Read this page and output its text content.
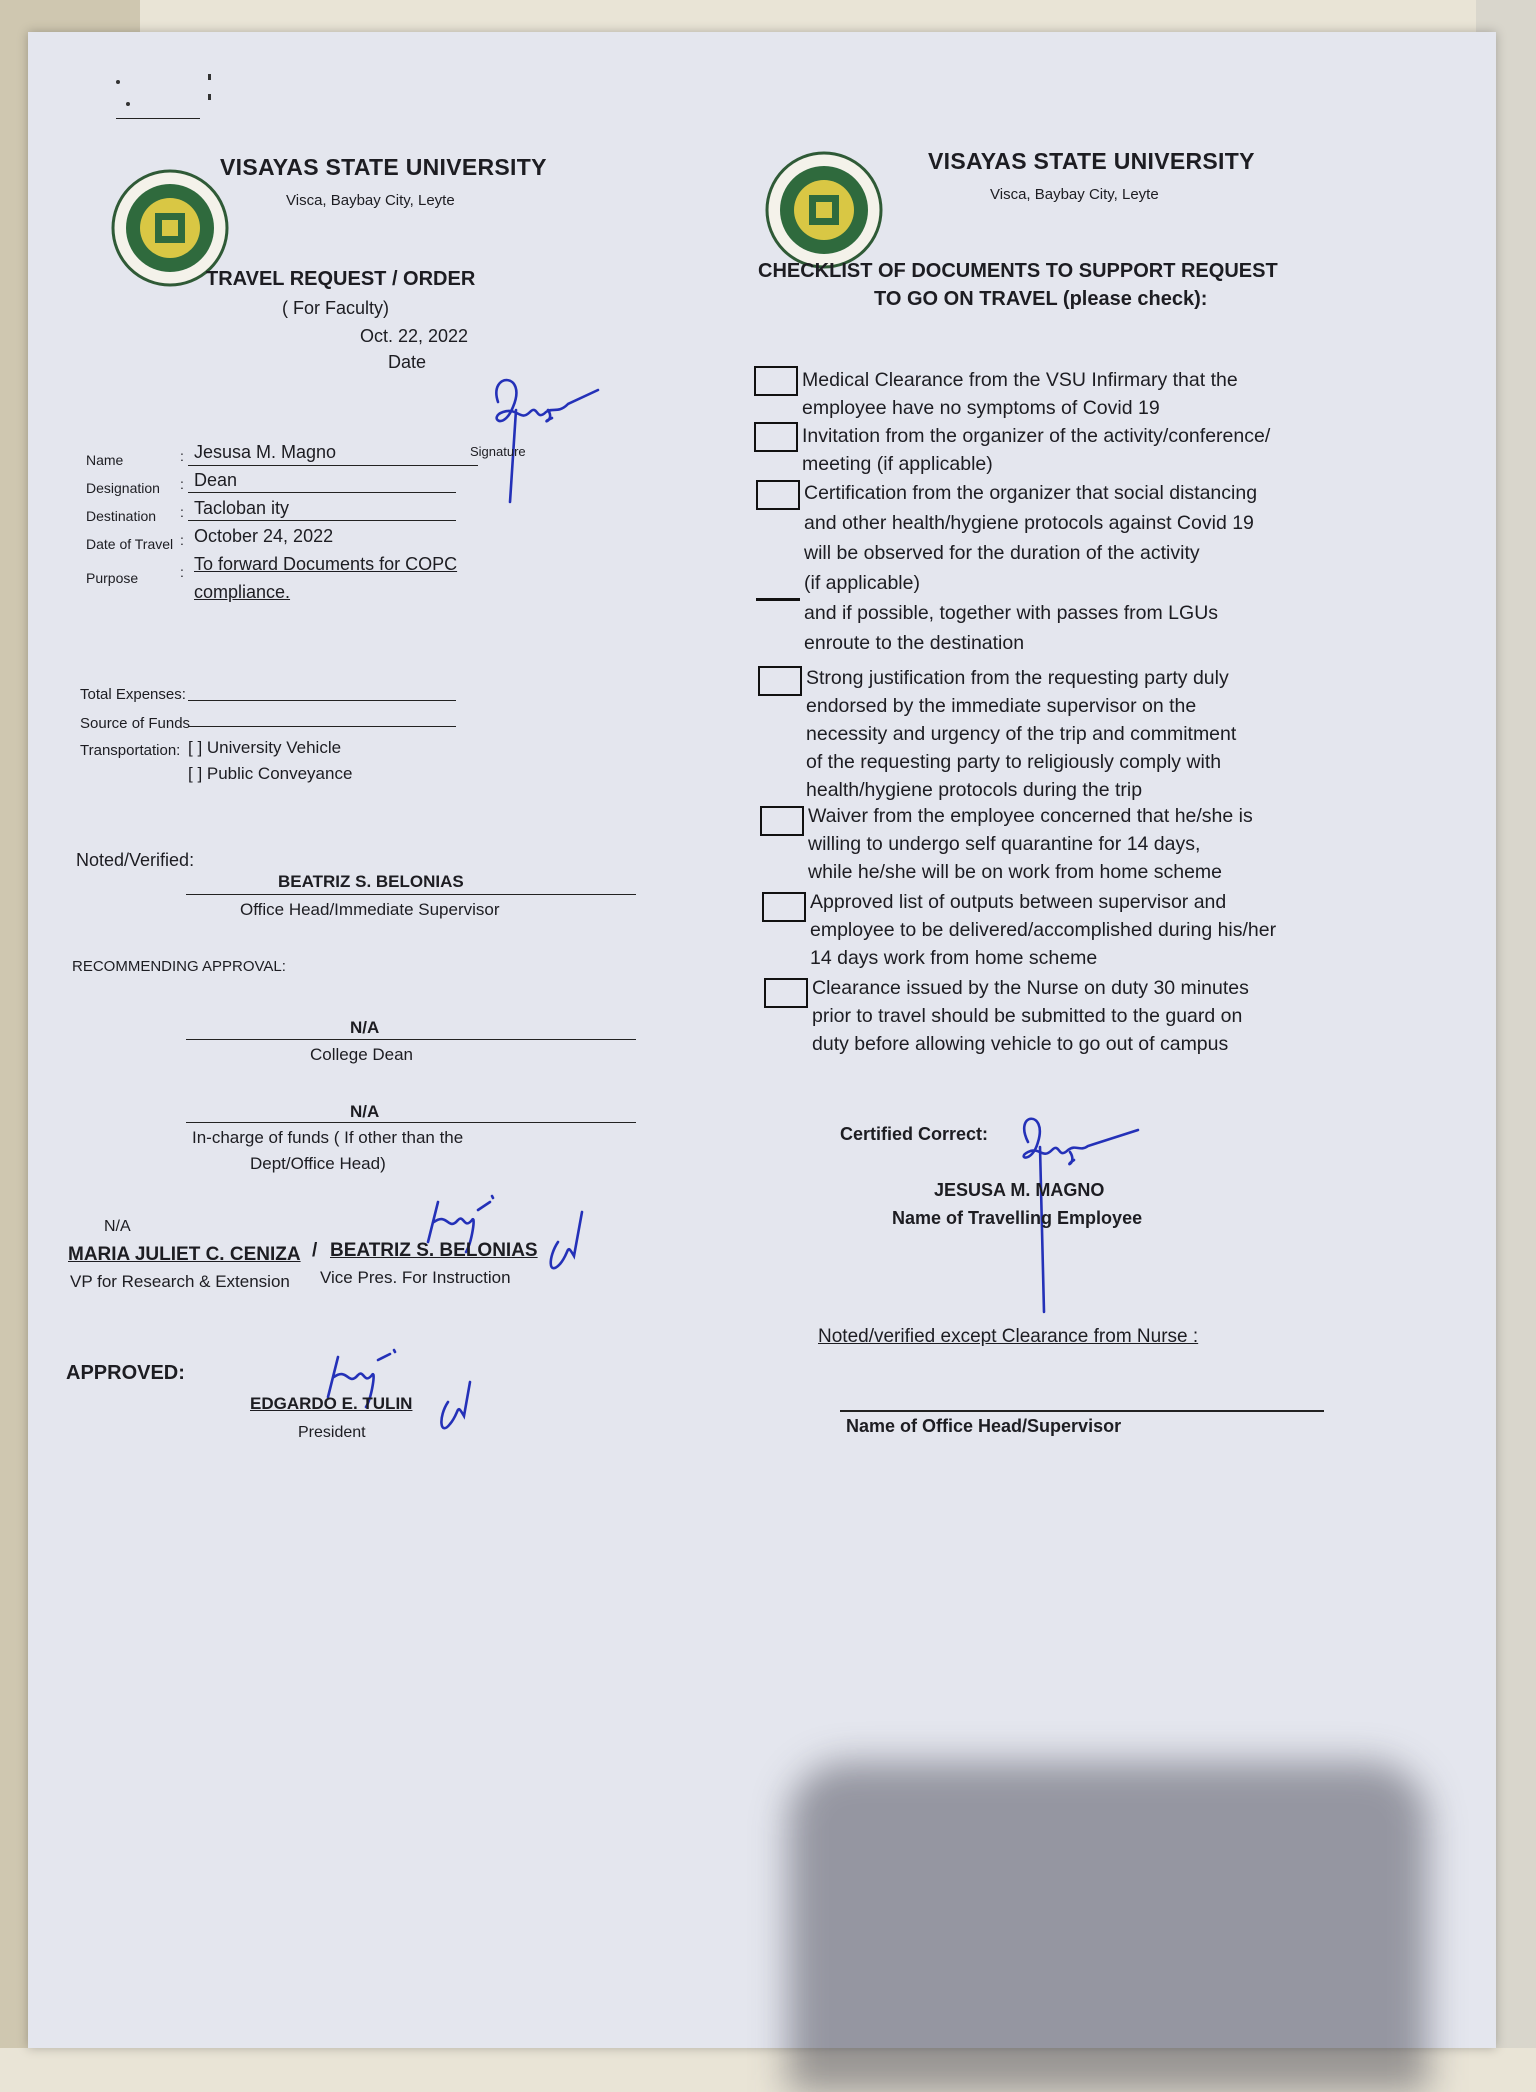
VISAYAS STATE UNIVERSITY
Visca, Baybay City, Leyte
TRAVEL REQUEST / ORDER
( For Faculty)
Oct. 22, 2022
Date
Signature
Name	: Jesusa M. Magno
Designation : Dean
Destination : Tacloban ity
Date of Travel : October 24, 2022
Purpose	: To forward Documents for COPC
compliance.
Total Expenses:
Source of Funds
Transportation: [ ] University Vehicle
[ ] Public Conveyance
Noted/Verified:
BEATRIZ S. BELONIAS
Office Head/Immediate Supervisor
RECOMMENDING APPROVAL:
N/A
College Dean
N/A
In-charge of funds ( If other than the
Dept/Office Head)
N/A
MARIA JULIET C. CENIZA / BEATRIZ S. BELONIAS
VP for Research & Extension Vice Pres. For Instruction
APPROVED:
EDGARDO E. TULIN
President
VISAYAS STATE UNIVERSITY
Visca, Baybay City, Leyte
CHECKLIST OF DOCUMENTS TO SUPPORT REQUEST
TO GO ON TRAVEL (please check):
Medical Clearance from the VSU Infirmary that the
employee have no symptoms of Covid 19
Invitation from the organizer of the activity/conference/
meeting (if applicable)
Certification from the organizer that social distancing
and other health/hygiene protocols against Covid 19
will be observed for the duration of the activity
(if applicable)
and if possible, together with passes from LGUs
enroute to the destination
Strong justification from the requesting party duly
endorsed by the immediate supervisor on the
necessity and urgency of the trip and commitment
of the requesting party to religiously comply with
health/hygiene protocols during the trip
Waiver from the employee concerned that he/she is
willing to undergo self quarantine for 14 days,
while he/she will be on work from home scheme
Approved list of outputs between supervisor and
employee to be delivered/accomplished during his/her
14 days work from home scheme
Clearance issued by the Nurse on duty 30 minutes
prior to travel should be submitted to the guard on
duty before allowing vehicle to go out of campus
Certified Correct:
JESUSA M. MAGNO
Name of Travelling Employee
Noted/verified except Clearance from Nurse :
Name of Office Head/Supervisor
